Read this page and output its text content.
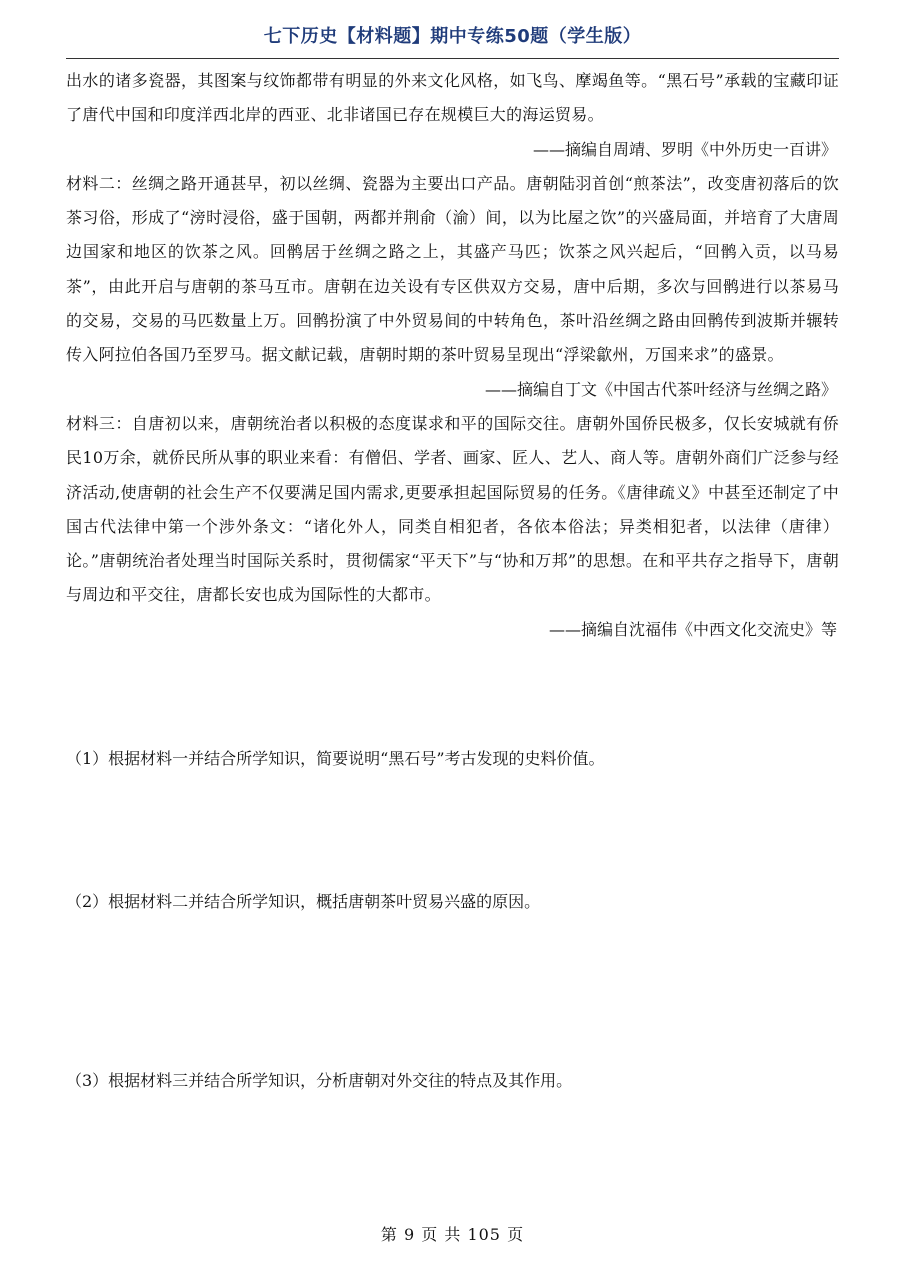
七下历史【材料题】期中专练50题（学生版）

出水的诸多瓷器，其图案与纹饰都带有明显的外来文化风格，如飞鸟、摩竭鱼等。“黑石号”承载的宝藏印证了唐代中国和印度洋西北岸的西亚、北非诸国已存在规模巨大的海运贸易。

——摘编自周靖、罗明《中外历史一百讲》

材料二：丝绸之路开通甚早，初以丝绸、瓷器为主要出口产品。唐朝陆羽首创“煎茶法”，改变唐初落后的饮茶习俗，形成了“滂时浸俗，盛于国朝，两都并荆俞（渝）间，以为比屋之饮”的兴盛局面，并培育了大唐周边国家和地区的饮茶之风。回鹘居于丝绸之路之上，其盛产马匹；饮茶之风兴起后，“回鹘入贡，以马易茶”，由此开启与唐朝的茶马互市。唐朝在边关设有专区供双方交易，唐中后期，多次与回鹘进行以茶易马的交易，交易的马匹数量上万。回鹘扮演了中外贸易间的中转角色，茶叶沿丝绸之路由回鹘传到波斯并辗转传入阿拉伯各国乃至罗马。据文献记载，唐朝时期的茶叶贸易呈现出“浮梁歙州，万国来求”的盛景。

——摘编自丁文《中国古代茶叶经济与丝绸之路》

材料三：自唐初以来，唐朝统治者以积极的态度谋求和平的国际交往。唐朝外国侨民极多，仅长安城就有侨民10万余，就侨民所从事的职业来看：有僧侣、学者、画家、匠人、艺人、商人等。唐朝外商们广泛参与经济活动,使唐朝的社会生产不仅要满足国内需求,更要承担起国际贸易的任务。《唐律疏义》中甚至还制定了中国古代法律中第一个涉外条文：“诸化外人，同类自相犯者，各依本俗法；异类相犯者，以法律（唐律）论。”唐朝统治者处理当时国际关系时，贯彻儒家“平天下”与“协和万邦”的思想。在和平共存之指导下，唐朝与周边和平交往，唐都长安也成为国际性的大都市。

——摘编自沈福伟《中西文化交流史》等

（1）根据材料一并结合所学知识，简要说明“黑石号”考古发现的史料价值。

（2）根据材料二并结合所学知识，概括唐朝茶叶贸易兴盛的原因。

（3）根据材料三并结合所学知识，分析唐朝对外交往的特点及其作用。

第 9 页 共 105 页
